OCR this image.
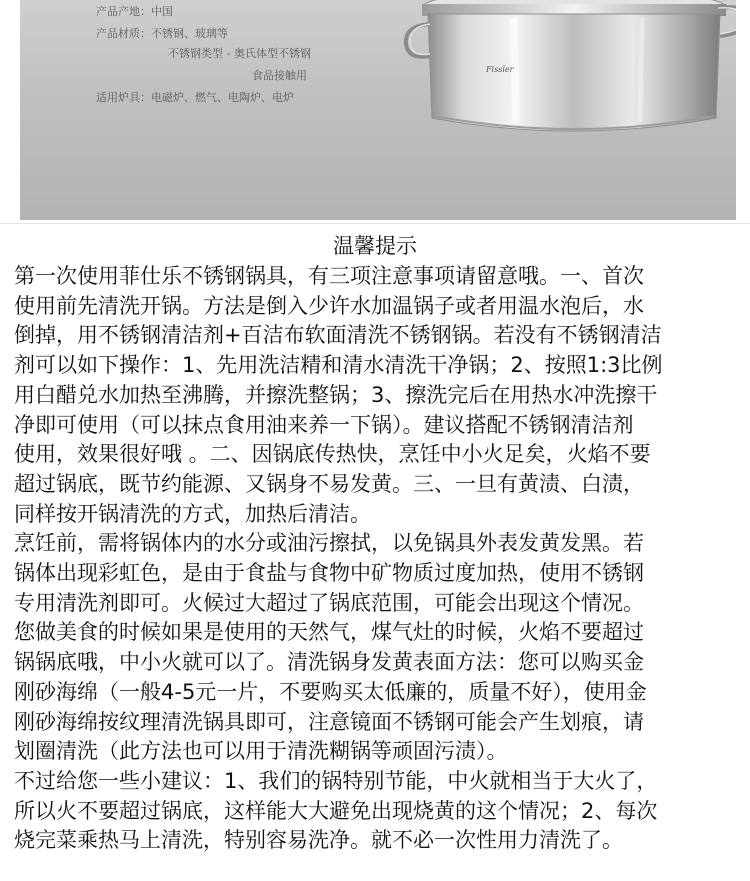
产品产地：中国
产品材质：不锈钢、玻璃等
不锈钢类型 - 奥氏体型不锈钢
食品接触用
适用炉具：电磁炉、燃气、电陶炉、电炉
Fissler
温馨提示

第一次使用菲仕乐不锈钢锅具，有三项注意事项请留意哦。一、首次
使用前先清洗开锅。方法是倒入少许水加温锅子或者用温水泡后，水
倒掉，用不锈钢清洁剂+百洁布软面清洗不锈钢锅。若没有不锈钢清洁
剂可以如下操作：1、先用洗洁精和清水清洗干净锅；2、按照1:3比例
用白醋兑水加热至沸腾，并擦洗整锅；3、擦洗完后在用热水冲洗擦干
净即可使用（可以抹点食用油来养一下锅）。建议搭配不锈钢清洁剂
使用，效果很好哦 。二、因锅底传热快，烹饪中小火足矣，火焰不要
超过锅底，既节约能源、又锅身不易发黄。三、一旦有黄渍、白渍，
同样按开锅清洗的方式，加热后清洁。

烹饪前，需将锅体内的水分或油污擦拭，以免锅具外表发黄发黑。若
锅体出现彩虹色，是由于食盐与食物中矿物质过度加热，使用不锈钢
专用清洗剂即可。火候过大超过了锅底范围，可能会出现这个情况。
您做美食的时候如果是使用的天然气，煤气灶的时候，火焰不要超过
锅锅底哦，中小火就可以了。清洗锅身发黄表面方法：您可以购买金
刚砂海绵（一般4-5元一片，不要购买太低廉的，质量不好），使用金
刚砂海绵按纹理清洗锅具即可，注意镜面不锈钢可能会产生划痕，请
划圈清洗（此方法也可以用于清洗糊锅等顽固污渍）。

不过给您一些小建议：1、我们的锅特别节能，中火就相当于大火了，
所以火不要超过锅底，这样能大大避免出现烧黄的这个情况；2、每次
烧完菜乘热马上清洗，特别容易洗净。就不必一次性用力清洗了。
